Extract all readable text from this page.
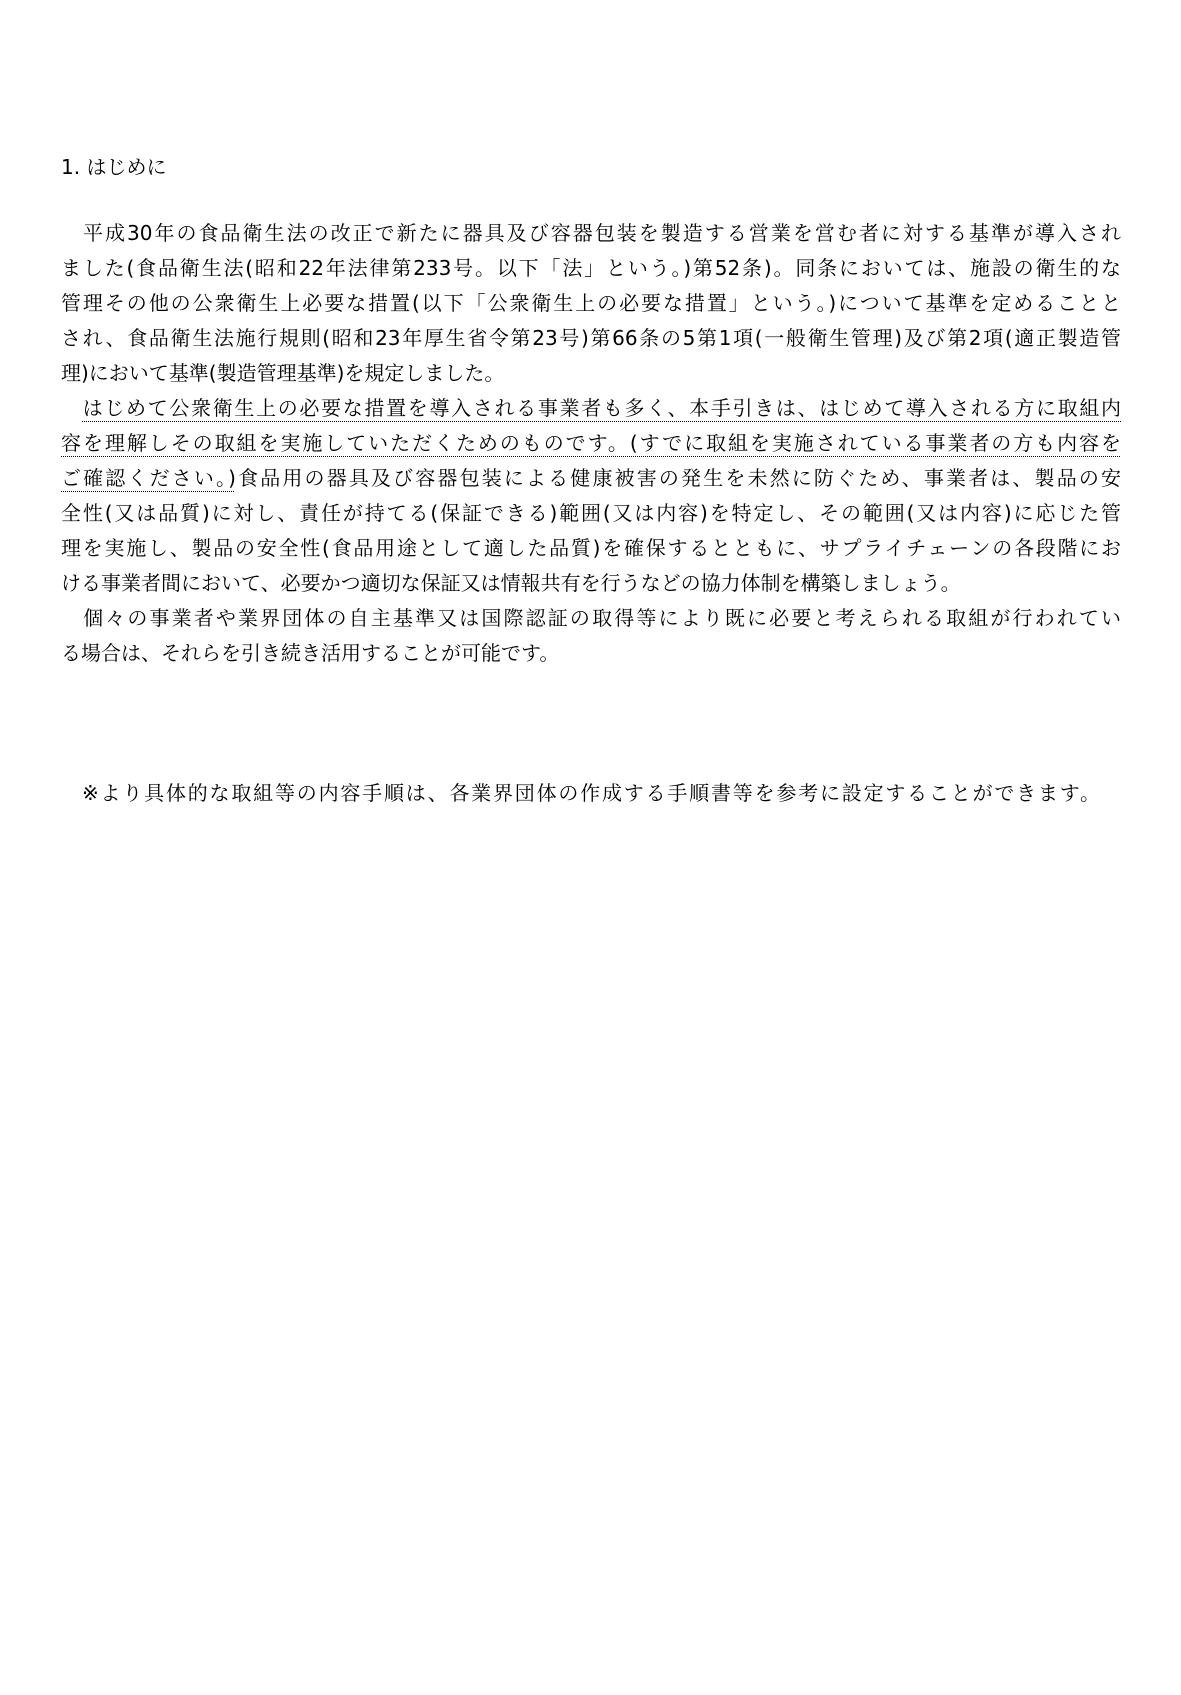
1. はじめに
　平成30年の食品衛生法の改正で新たに器具及び容器包装を製造する営業を営む者に対する基準が導入され
ました(食品衛生法(昭和22年法律第233号。以下「法」という。)第52条)。同条においては、施設の衛生的な
管理その他の公衆衛生上必要な措置(以下「公衆衛生上の必要な措置」という。)について基準を定めることと
され、食品衛生法施行規則(昭和23年厚生省令第23号)第66条の5第1項(一般衛生管理)及び第2項(適正製造管
理)において基準(製造管理基準)を規定しました。
　はじめて公衆衛生上の必要な措置を導入される事業者も多く、本手引きは、はじめて導入される方に取組内
容を理解しその取組を実施していただくためのものです。(すでに取組を実施されている事業者の方も内容を
ご確認ください。)食品用の器具及び容器包装による健康被害の発生を未然に防ぐため、事業者は、製品の安
全性(又は品質)に対し、責任が持てる(保証できる)範囲(又は内容)を特定し、その範囲(又は内容)に応じた管
理を実施し、製品の安全性(食品用途として適した品質)を確保するとともに、サプライチェーンの各段階にお
ける事業者間において、必要かつ適切な保証又は情報共有を行うなどの協力体制を構築しましょう。
　個々の事業者や業界団体の自主基準又は国際認証の取得等により既に必要と考えられる取組が行われてい
る場合は、それらを引き続き活用することが可能です。
※より具体的な取組等の内容手順は、各業界団体の作成する手順書等を参考に設定することができます。
